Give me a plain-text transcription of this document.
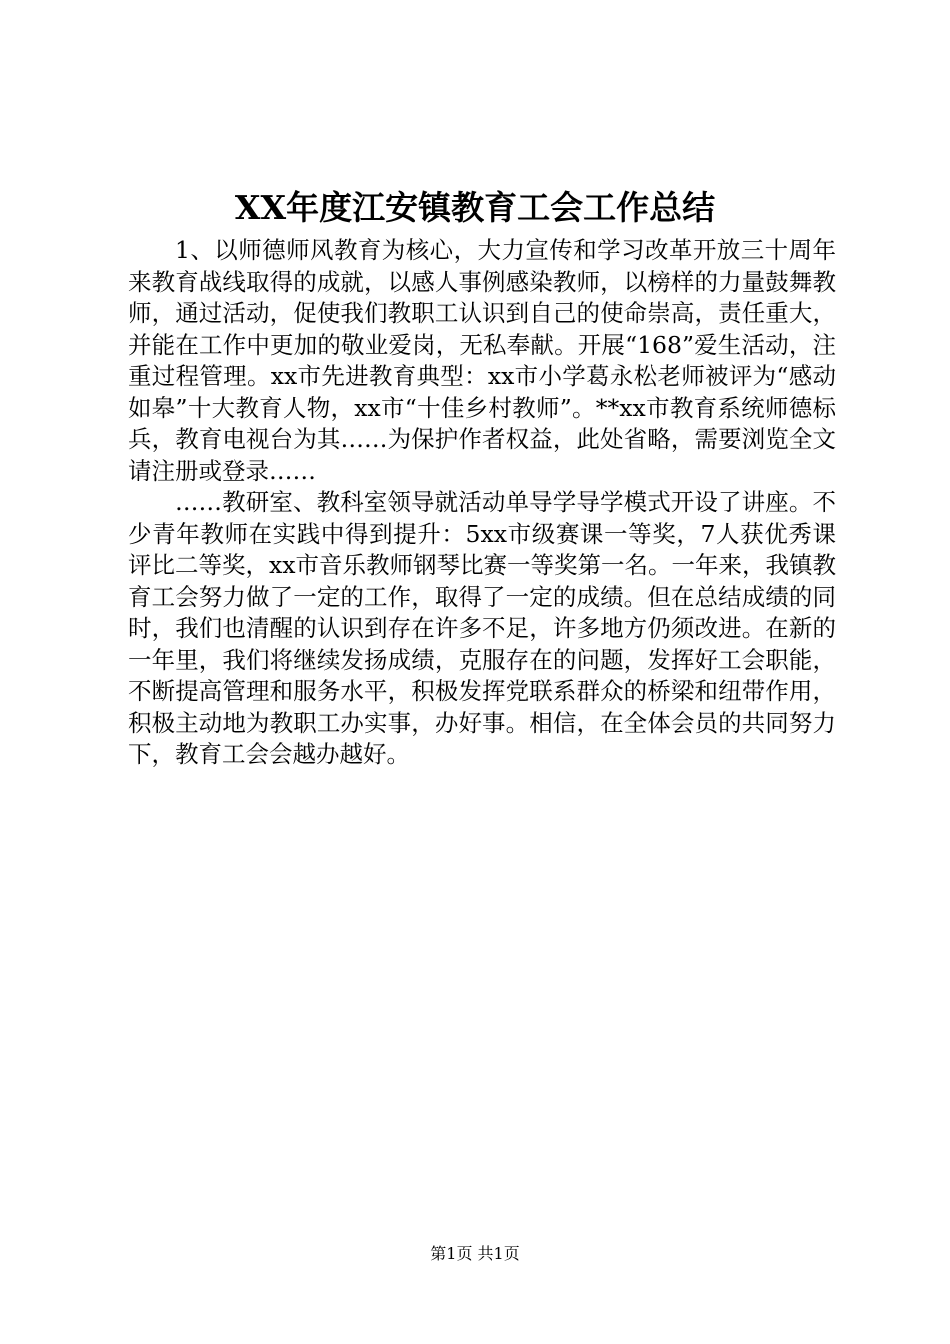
XX年度江安镇教育工会工作总结

1、以师德师风教育为核心，大力宣传和学习改革开放三十周年来教育战线取得的成就，以感人事例感染教师，以榜样的力量鼓舞教师，通过活动，促使我们教职工认识到自己的使命崇高，责任重大，并能在工作中更加的敬业爱岗，无私奉献。开展“168”爱生活动，注重过程管理。xx市先进教育典型：xx市小学葛永松老师被评为“感动如皋”十大教育人物，xx市“十佳乡村教师”。**xx市教育系统师德标兵，教育电视台为其……为保护作者权益，此处省略，需要浏览全文请注册或登录……

……教研室、教科室领导就活动单导学导学模式开设了讲座。不少青年教师在实践中得到提升：5xx市级赛课一等奖，7人获优秀课评比二等奖，xx市音乐教师钢琴比赛一等奖第一名。一年来，我镇教育工会努力做了一定的工作，取得了一定的成绩。但在总结成绩的同时，我们也清醒的认识到存在许多不足，许多地方仍须改进。在新的一年里，我们将继续发扬成绩，克服存在的问题，发挥好工会职能，不断提高管理和服务水平，积极发挥党联系群众的桥梁和纽带作用，积极主动地为教职工办实事，办好事。相信，在全体会员的共同努力下，教育工会会越办越好。

第1页 共1页
